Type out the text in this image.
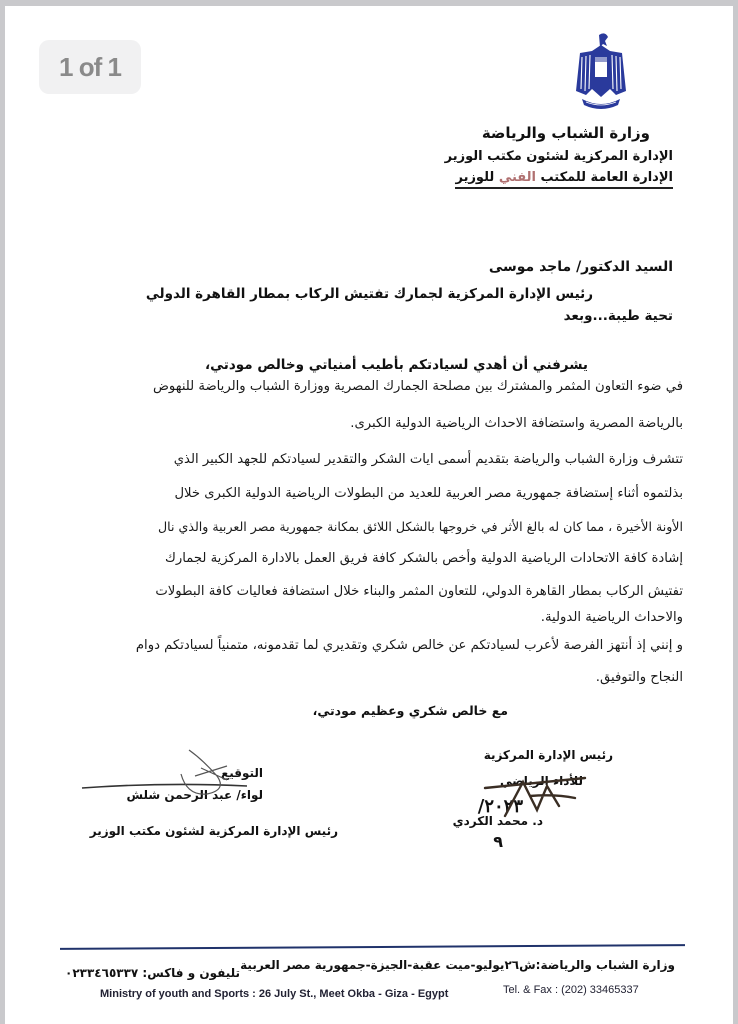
1 of 1
وزارة الشباب والرياضة
الإدارة المركزية لشئون مكتب الوزير
الإدارة العامة للمكتب الفني للوزير
السيد الدكتور/ ماجد موسى
رئيس الإدارة المركزية لجمارك تفتيش الركاب بمطار القاهرة الدولي
تحية طيبة...وبعد
يشرفني أن أهدي لسيادتكم بأطيب أمنياتي وخالص مودتي،
في ضوء التعاون المثمر والمشترك بين مصلحة الجمارك المصرية ووزارة الشباب والرياضة للنهوض
بالرياضة المصرية واستضافة الاحداث الرياضية الدولية الكبرى.
تتشرف وزارة الشباب والرياضة بتقديم أسمى ايات الشكر والتقدير لسيادتكم للجهد الكبير الذي
بذلتموه أثناء إستضافة جمهورية مصر العربية للعديد من البطولات الرياضية الدولية الكبرى خلال
الأونة الأخيرة ، مما كان له بالغ الأثر في خروجها بالشكل اللائق بمكانة جمهورية مصر العربية والذي نال
إشادة كافة الاتحادات الرياضية الدولية وأخص بالشكر كافة فريق العمل بالادارة المركزية لجمارك
تفتيش الركاب بمطار القاهرة الدولي، للتعاون المثمر والبناء خلال استضافة فعاليات كافة البطولات
والاحداث الرياضية الدولية.
و إنني إذ أنتهز الفرصة لأعرب لسيادتكم عن خالص شكري وتقديري لما تقدمونه، متمنياً لسيادتكم دوام
النجاح والتوفيق.
مع خالص شكري وعظيم مودتي،
رئيس الإدارة المركزية
للأداء الرياضي
د. محمد الكردي
٢٠٢٣/
٩
التوقيع
لواء/ عبد الرحمن شلش
رئيس الإدارة المركزية لشئون مكتب الوزير
وزارة الشباب والرياضة:ش٢٦يوليو-ميت عقبة-الجيزة-جمهورية مصر العربية
تليفون و فاكس: ٠٢٣٣٤٦٥٣٣٧
Ministry of youth and Sports : 26 July St., Meet Okba - Giza - Egypt	Tel. & Fax : (202) 33465337
